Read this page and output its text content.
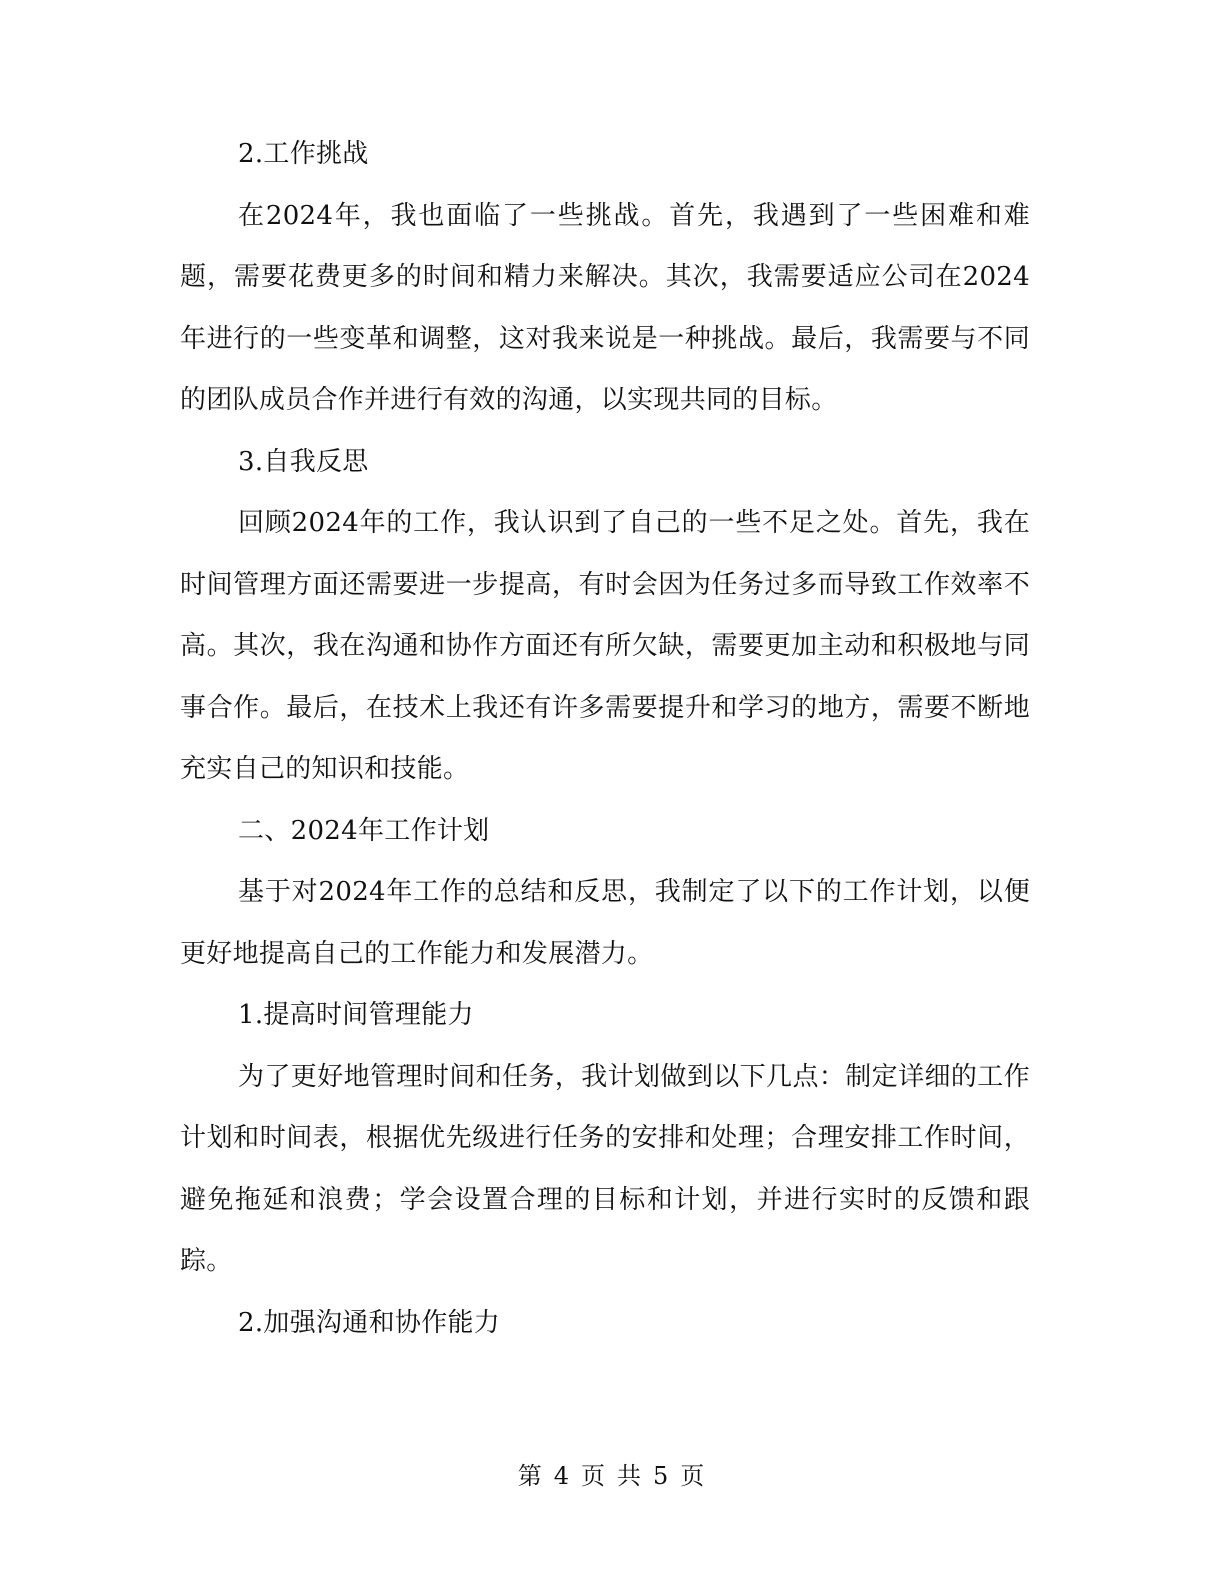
2.工作挑战

在2024年，我也面临了一些挑战。首先，我遇到了一些困难和难题，需要花费更多的时间和精力来解决。其次，我需要适应公司在2024年进行的一些变革和调整，这对我来说是一种挑战。最后，我需要与不同的团队成员合作并进行有效的沟通，以实现共同的目标。

3.自我反思

回顾2024年的工作，我认识到了自己的一些不足之处。首先，我在时间管理方面还需要进一步提高，有时会因为任务过多而导致工作效率不高。其次，我在沟通和协作方面还有所欠缺，需要更加主动和积极地与同事合作。最后，在技术上我还有许多需要提升和学习的地方，需要不断地充实自己的知识和技能。

二、2024年工作计划

基于对2024年工作的总结和反思，我制定了以下的工作计划，以便更好地提高自己的工作能力和发展潜力。

1.提高时间管理能力

为了更好地管理时间和任务，我计划做到以下几点：制定详细的工作计划和时间表，根据优先级进行任务的安排和处理；合理安排工作时间，避免拖延和浪费；学会设置合理的目标和计划，并进行实时的反馈和跟踪。

2.加强沟通和协作能力

第 4 页 共 5 页
